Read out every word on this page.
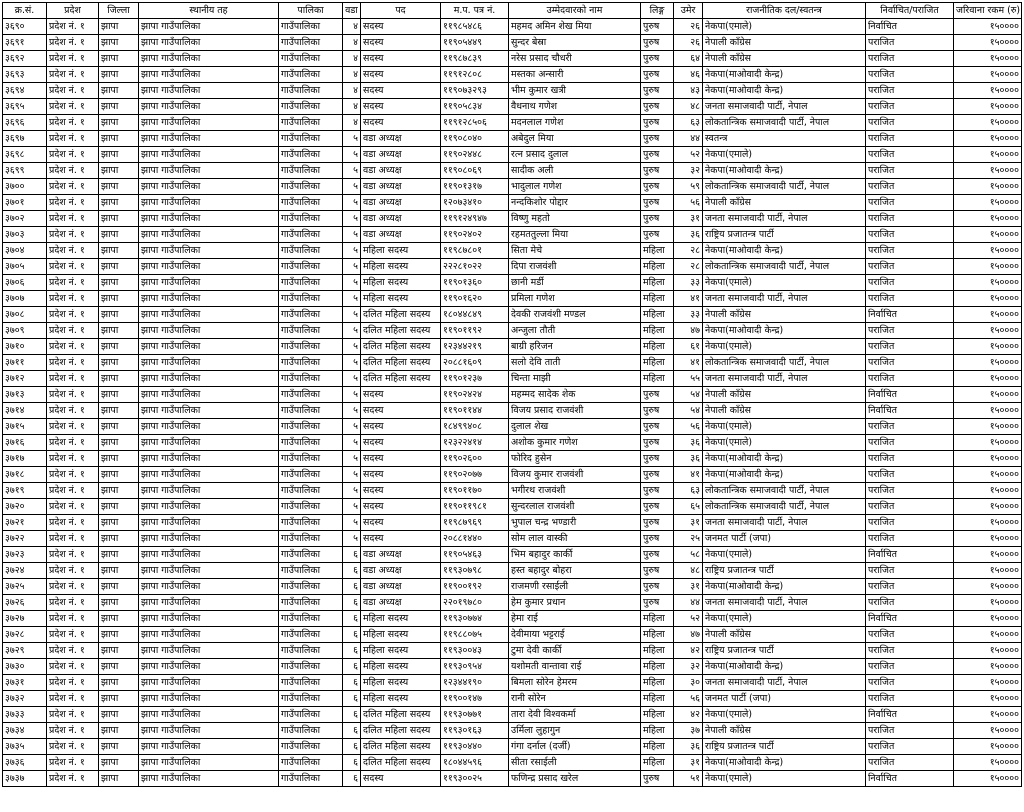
क्र.सं.	प्रदेश	जिल्ला	स्थानीय तह	पालिका	वडा	पद	म.प. पत्र नं.	उम्मेदवारको नाम	लिङ्ग	उमेर	राजनीतिक दल/स्वतन्त्र	निर्वाचित/पराजित	जरिवाना रकम (रु)
३६९०	प्रदेश नं. १	झापा	झापा गाउँपालिका	गाउँपालिका	४	सदस्य	११९८५४८६	महमद अमिन शेख मिया	पुरुष	२६	नेकपा(एमाले)	निर्वाचित	१५००००
३६९१	प्रदेश नं. १	झापा	झापा गाउँपालिका	गाउँपालिका	४	सदस्य	११९०५४४९	सुन्दर बेस्रा	पुरुष	२६	नेपाली काँग्रेस	पराजित	१५००००
३६९२	प्रदेश नं. १	झापा	झापा गाउँपालिका	गाउँपालिका	४	सदस्य	११९८७८३९	नरेस प्रसाद चौधरी	पुरुष	६४	नेपाली काँग्रेस	पराजित	१५००००
३६९३	प्रदेश नं. १	झापा	झापा गाउँपालिका	गाउँपालिका	४	सदस्य	११९१२८०८	मस्तका अन्सारी	पुरुष	४६	नेकपा(माओवादी केन्द्र)	पराजित	१५००००
३६९४	प्रदेश नं. १	झापा	झापा गाउँपालिका	गाउँपालिका	४	सदस्य	११९०७३२९३	भीम कुमार खत्री	पुरुष	४३	नेकपा(माओवादी केन्द्र)	पराजित	१५००००
३६९५	प्रदेश नं. १	झापा	झापा गाउँपालिका	गाउँपालिका	४	सदस्य	११९०५८३४	वैधनाथ गणेश	पुरुष	४८	जनता समाजवादी पार्टी, नेपाल	पराजित	१५००००
३६९६	प्रदेश नं. १	झापा	झापा गाउँपालिका	गाउँपालिका	४	सदस्य	११९१२८५०६	मदनलाल गणेश	पुरुष	६३	लोकतान्त्रिक समाजवादी पार्टी, नेपाल	पराजित	१५००००
३६९७	प्रदेश नं. १	झापा	झापा गाउँपालिका	गाउँपालिका	५	वडा अध्यक्ष	११९०८०४०	अबेदुल मिया	पुरुष	४४	स्वतन्त्र	पराजित	१५००००
३६९८	प्रदेश नं. १	झापा	झापा गाउँपालिका	गाउँपालिका	५	वडा अध्यक्ष	११९०२४४८	रत्न प्रसाद दुलाल	पुरुष	५२	नेकपा(एमाले)	पराजित	१५००००
३६९९	प्रदेश नं. १	झापा	झापा गाउँपालिका	गाउँपालिका	५	वडा अध्यक्ष	११९०८०६९	सादीक अली	पुरुष	३२	नेकपा(माओवादी केन्द्र)	पराजित	१५००००
३७००	प्रदेश नं. १	झापा	झापा गाउँपालिका	गाउँपालिका	५	वडा अध्यक्ष	११९०१३१७	भादुलाल गणेश	पुरुष	५९	लोकतान्त्रिक समाजवादी पार्टी, नेपाल	पराजित	१५००००
३७०१	प्रदेश नं. १	झापा	झापा गाउँपालिका	गाउँपालिका	५	वडा अध्यक्ष	१२०७३४१०	नन्दकिशोर पोद्दार	पुरुष	५६	नेपाली काँग्रेस	पराजित	१५००००
३७०२	प्रदेश नं. १	झापा	झापा गाउँपालिका	गाउँपालिका	५	वडा अध्यक्ष	११९१२४९४७	विष्णु महतो	पुरुष	३१	जनता समाजवादी पार्टी, नेपाल	पराजित	१५००००
३७०३	प्रदेश नं. १	झापा	झापा गाउँपालिका	गाउँपालिका	५	वडा अध्यक्ष	११९०२४०२	रहमततुल्ला मिया	पुरुष	३६	राष्ट्रिय प्रजातन्त्र पार्टी	पराजित	१५००००
३७०४	प्रदेश नं. १	झापा	झापा गाउँपालिका	गाउँपालिका	५	महिला सदस्य	११९८७८०१	सिता मेचे	महिला	२८	नेकपा(माओवादी केन्द्र)	पराजित	१५००००
३७०५	प्रदेश नं. १	झापा	झापा गाउँपालिका	गाउँपालिका	५	महिला सदस्य	२२२८१०२२	दिपा राजवंशी	महिला	२८	लोकतान्त्रिक समाजवादी पार्टी, नेपाल	पराजित	१५००००
३७०६	प्रदेश नं. १	झापा	झापा गाउँपालिका	गाउँपालिका	५	महिला सदस्य	११९०१३६०	छानी मर्डी	महिला	३३	नेकपा(एमाले)	पराजित	१५००००
३७०७	प्रदेश नं. १	झापा	झापा गाउँपालिका	गाउँपालिका	५	महिला सदस्य	११९०१६२०	प्रमिला गणेश	महिला	४१	जनता समाजवादी पार्टी, नेपाल	पराजित	१५००००
३७०८	प्रदेश नं. १	झापा	झापा गाउँपालिका	गाउँपालिका	५	दलित महिला सदस्य	१८०४४८४९	देवकी राजवंशी मण्डल	महिला	३३	नेपाली काँग्रेस	निर्वाचित	१५००००
३७०९	प्रदेश नं. १	झापा	झापा गाउँपालिका	गाउँपालिका	५	दलित महिला सदस्य	११९०११९२	अन्जुला तौती	महिला	४७	नेकपा(माओवादी केन्द्र)	पराजित	१५००००
३७१०	प्रदेश नं. १	झापा	झापा गाउँपालिका	गाउँपालिका	५	दलित महिला सदस्य	१२३४४२१९	बाग्री हरिजन	महिला	६१	नेकपा(एमाले)	पराजित	१५००००
३७११	प्रदेश नं. १	झापा	झापा गाउँपालिका	गाउँपालिका	५	दलित महिला सदस्य	२०८८१६०९	सलो देवि ताती	महिला	४१	लोकतान्त्रिक समाजवादी पार्टी, नेपाल	पराजित	१५००००
३७१२	प्रदेश नं. १	झापा	झापा गाउँपालिका	गाउँपालिका	५	दलित महिला सदस्य	११९०१२३७	चिन्ता माझी	महिला	५५	जनता समाजवादी पार्टी, नेपाल	पराजित	१५००००
३७१३	प्रदेश नं. १	झापा	झापा गाउँपालिका	गाउँपालिका	५	सदस्य	११९०२४२४	महम्मद सादेक शेक	पुरुष	५४	नेपाली काँग्रेस	निर्वाचित	१५००००
३७१४	प्रदेश नं. १	झापा	झापा गाउँपालिका	गाउँपालिका	५	सदस्य	११९०११४४	विजय प्रसाद राजवंशी	पुरुष	५४	नेपाली काँग्रेस	निर्वाचित	१५००००
३७१५	प्रदेश नं. १	झापा	झापा गाउँपालिका	गाउँपालिका	५	सदस्य	१८४९९४०८	दुलाल शेख	पुरुष	५६	नेकपा(एमाले)	पराजित	१५००००
३७१६	प्रदेश नं. १	झापा	झापा गाउँपालिका	गाउँपालिका	५	सदस्य	१२३२२४१४	अशोक कुमार गणेश	पुरुष	३६	नेकपा(एमाले)	पराजित	१५००००
३७१७	प्रदेश नं. १	झापा	झापा गाउँपालिका	गाउँपालिका	५	सदस्य	११९०२६००	फोरिद हुसेन	पुरुष	३६	नेकपा(माओवादी केन्द्र)	पराजित	१५००००
३७१८	प्रदेश नं. १	झापा	झापा गाउँपालिका	गाउँपालिका	५	सदस्य	११९०२०७७	विजय कुमार राजवंशी	पुरुष	४१	नेकपा(माओवादी केन्द्र)	पराजित	१५००००
३७१९	प्रदेश नं. १	झापा	झापा गाउँपालिका	गाउँपालिका	५	सदस्य	११९०११७०	भगीरथ राजवंशी	पुरुष	६३	लोकतान्त्रिक समाजवादी पार्टी, नेपाल	पराजित	१५००००
३७२०	प्रदेश नं. १	झापा	झापा गाउँपालिका	गाउँपालिका	५	सदस्य	११९०११९८१	सुन्दरलाल राजवंशी	पुरुष	६५	लोकतान्त्रिक समाजवादी पार्टी, नेपाल	पराजित	१५००००
३७२१	प्रदेश नं. १	झापा	झापा गाउँपालिका	गाउँपालिका	५	सदस्य	११९८७९६९	भुपाल चन्द्र भण्डारी	पुरुष	३१	जनता समाजवादी पार्टी, नेपाल	पराजित	१५००००
३७२२	प्रदेश नं. १	झापा	झापा गाउँपालिका	गाउँपालिका	५	सदस्य	२०८८१४४०	सोम लाल वास्की	पुरुष	२५	जनमत पार्टी (जपा)	पराजित	१५००००
३७२३	प्रदेश नं. १	झापा	झापा गाउँपालिका	गाउँपालिका	६	वडा अध्यक्ष	११९०५४६३	भिम बहादुर कार्की	पुरुष	५८	नेकपा(एमाले)	निर्वाचित	१५००००
३७२४	प्रदेश नं. १	झापा	झापा गाउँपालिका	गाउँपालिका	६	वडा अध्यक्ष	११९३०७९८	हस्त बहादुर बोहरा	पुरुष	४८	राष्ट्रिय प्रजातन्त्र पार्टी	पराजित	१५००००
३७२५	प्रदेश नं. १	झापा	झापा गाउँपालिका	गाउँपालिका	६	वडा अध्यक्ष	११९००१९२	राजमणी रसाईली	पुरुष	३१	नेकपा(माओवादी केन्द्र)	पराजित	१५००००
३७२६	प्रदेश नं. १	झापा	झापा गाउँपालिका	गाउँपालिका	६	वडा अध्यक्ष	२२०१९७८०	हेम कुमार प्रधान	पुरुष	४४	जनता समाजवादी पार्टी, नेपाल	पराजित	१५००००
३७२७	प्रदेश नं. १	झापा	झापा गाउँपालिका	गाउँपालिका	६	महिला सदस्य	११९३०७७४	हेमा राई	महिला	५२	नेकपा(एमाले)	निर्वाचित	१५००००
३७२८	प्रदेश नं. १	झापा	झापा गाउँपालिका	गाउँपालिका	६	महिला सदस्य	११९८८०७५	देवीमाया भट्टराई	महिला	४७	नेपाली काँग्रेस	पराजित	१५००००
३७२९	प्रदेश नं. १	झापा	झापा गाउँपालिका	गाउँपालिका	६	महिला सदस्य	११९३००४३	टुमा देवी कार्की	महिला	४२	राष्ट्रिय प्रजातन्त्र पार्टी	पराजित	१५००००
३७३०	प्रदेश नं. १	झापा	झापा गाउँपालिका	गाउँपालिका	६	महिला सदस्य	११९३०९५४	यशोमती वान्तावा राई	महिला	३२	नेकपा(माओवादी केन्द्र)	पराजित	१५००००
३७३१	प्रदेश नं. १	झापा	झापा गाउँपालिका	गाउँपालिका	६	महिला सदस्य	१२३४४१९०	बिमला सोरेन हेमरम	महिला	३०	जनता समाजवादी पार्टी, नेपाल	पराजित	१५००००
३७३२	प्रदेश नं. १	झापा	झापा गाउँपालिका	गाउँपालिका	६	महिला सदस्य	११९००१४७	रानी सोरेन	महिला	५६	जनमत पार्टी (जपा)	पराजित	१५००००
३७३३	प्रदेश नं. १	झापा	झापा गाउँपालिका	गाउँपालिका	६	दलित महिला सदस्य	११९३०७७१	तारा देवी विश्वकर्मा	महिला	४२	नेकपा(एमाले)	निर्वाचित	१५००००
३७३४	प्रदेश नं. १	झापा	झापा गाउँपालिका	गाउँपालिका	६	दलित महिला सदस्य	११९३०१६३	उर्मिला लुहागुन	महिला	३७	नेपाली काँग्रेस	पराजित	१५००००
३७३५	प्रदेश नं. १	झापा	झापा गाउँपालिका	गाउँपालिका	६	दलित महिला सदस्य	११९३०४४०	गंगा दर्नाल (दर्जी)	महिला	३६	राष्ट्रिय प्रजातन्त्र पार्टी	पराजित	१५००००
३७३६	प्रदेश नं. १	झापा	झापा गाउँपालिका	गाउँपालिका	६	दलित महिला सदस्य	१८०४४५९६	सीता रसाईली	महिला	३१	नेकपा(माओवादी केन्द्र)	पराजित	१५००००
३७३७	प्रदेश नं. १	झापा	झापा गाउँपालिका	गाउँपालिका	६	सदस्य	११९३००२५	फणिन्द्र प्रसाद खरेल	पुरुष	५१	नेकपा(एमाले)	निर्वाचित	१५००००
